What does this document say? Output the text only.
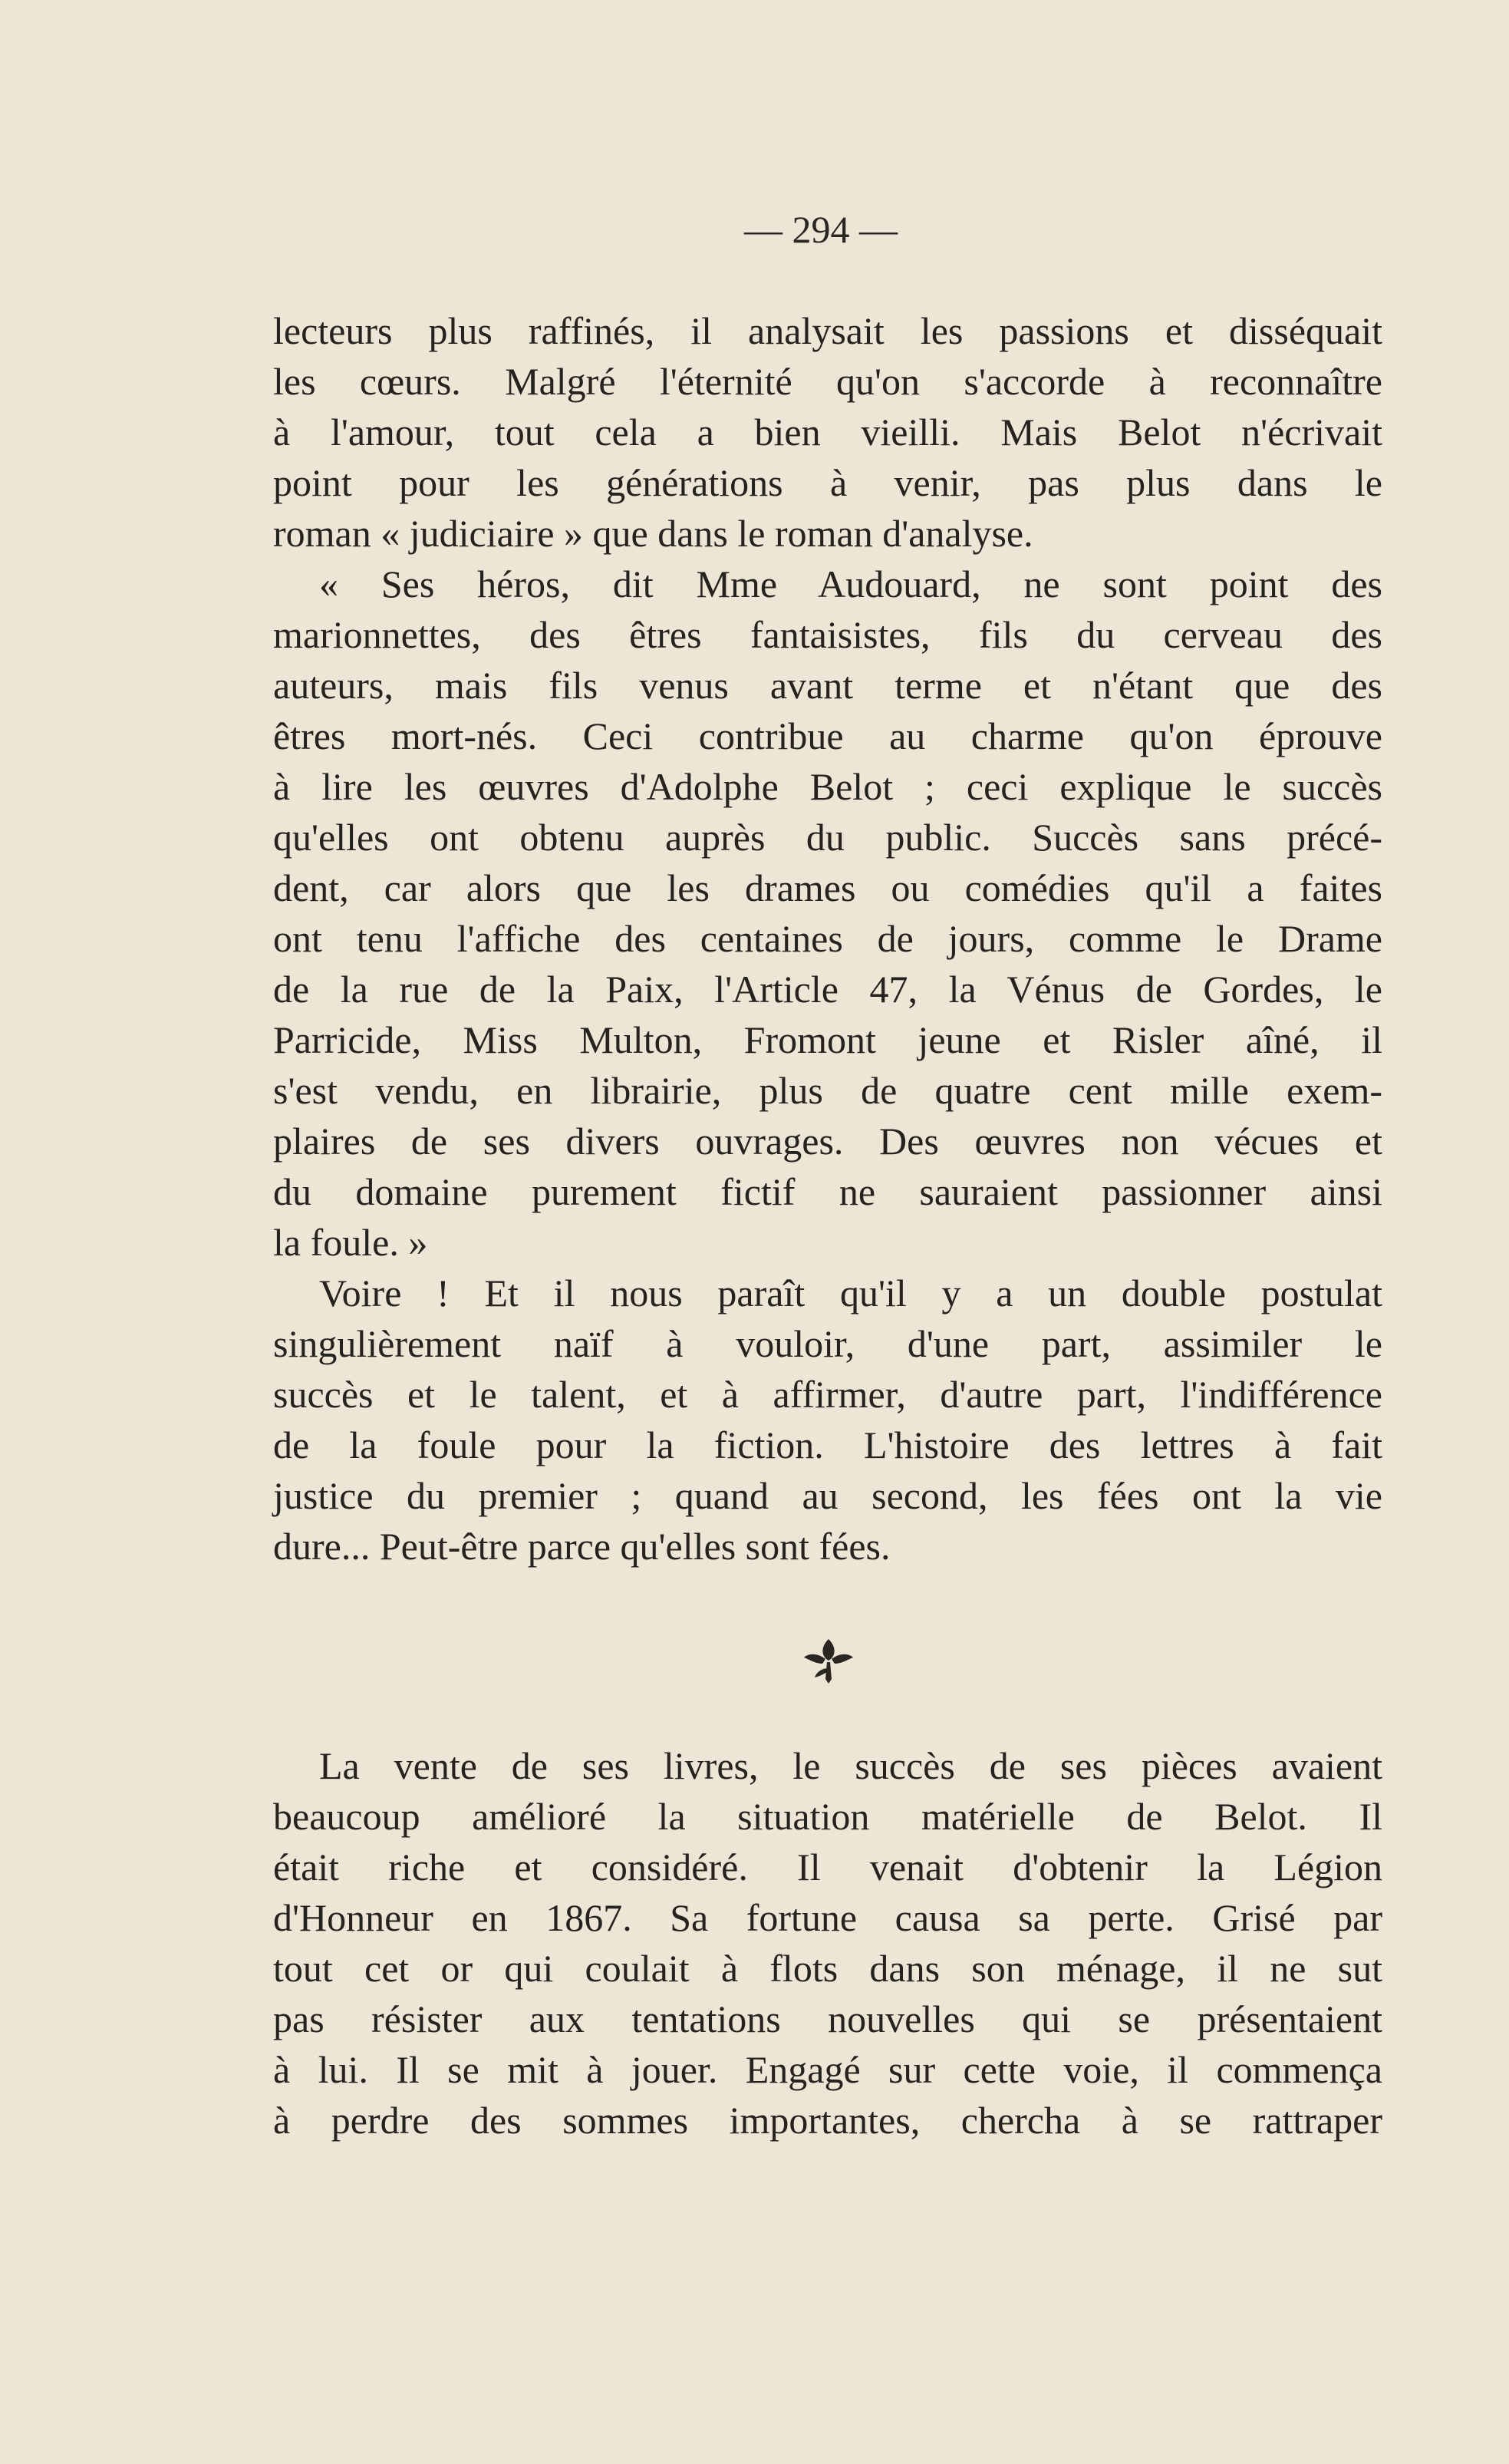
— 294 —
lecteurs plus raffinés, il analysait les passions et disséquait
les cœurs. Malgré l'éternité qu'on s'accorde à reconnaître
à l'amour, tout cela a bien vieilli. Mais Belot n'écrivait
point pour les générations à venir, pas plus dans le
roman « judiciaire » que dans le roman d'analyse.
« Ses héros, dit Mme Audouard, ne sont point des
marionnettes, des êtres fantaisistes, fils du cerveau des
auteurs, mais fils venus avant terme et n'étant que des
êtres mort-nés. Ceci contribue au charme qu'on éprouve
à lire les œuvres d'Adolphe Belot ; ceci explique le succès
qu'elles ont obtenu auprès du public. Succès sans précé-
dent, car alors que les drames ou comédies qu'il a faites
ont tenu l'affiche des centaines de jours, comme le Drame
de la rue de la Paix, l'Article 47, la Vénus de Gordes, le
Parricide, Miss Multon, Fromont jeune et Risler aîné, il
s'est vendu, en librairie, plus de quatre cent mille exem-
plaires de ses divers ouvrages. Des œuvres non vécues et
du domaine purement fictif ne sauraient passionner ainsi
la foule. »
Voire ! Et il nous paraît qu'il y a un double postulat
singulièrement naïf à vouloir, d'une part, assimiler le
succès et le talent, et à affirmer, d'autre part, l'indifférence
de la foule pour la fiction. L'histoire des lettres à fait
justice du premier ; quand au second, les fées ont la vie
dure... Peut-être parce qu'elles sont fées.
La vente de ses livres, le succès de ses pièces avaient
beaucoup amélioré la situation matérielle de Belot. Il
était riche et considéré. Il venait d'obtenir la Légion
d'Honneur en 1867. Sa fortune causa sa perte. Grisé par
tout cet or qui coulait à flots dans son ménage, il ne sut
pas résister aux tentations nouvelles qui se présentaient
à lui. Il se mit à jouer. Engagé sur cette voie, il commença
à perdre des sommes importantes, chercha à se rattraper
